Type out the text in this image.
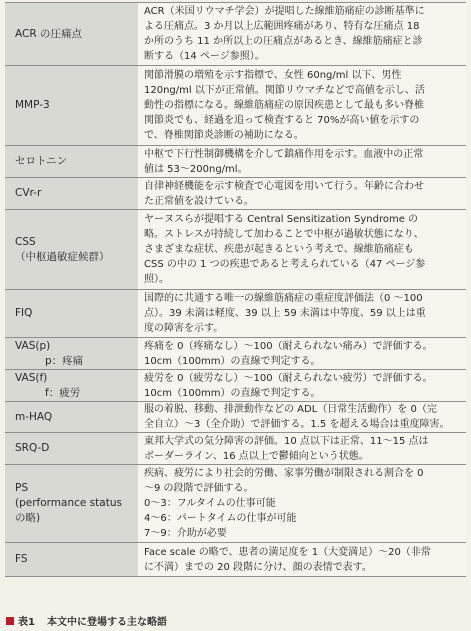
ACR の圧痛点	ACR（米国リウマチ学会）が提唱した線維筋痛症の診断基準に
よる圧痛点。3 か月以上広範囲疼痛があり、特有な圧痛点 18
か所のうち 11 か所以上の圧痛点があるとき、線維筋痛症と診
断する（14 ページ参照）。

MMP-3	関節滑膜の増殖を示す指標で、女性 60ng/ml 以下、男性
120ng/ml 以下が正常値。関節リウマチなどで高値を示し、活
動性の指標になる。線維筋痛症の原因疾患として最も多い脊椎
関節炎でも、経過を追って検査すると 70%が高い値を示すの
で、脊椎関節炎診断の補助になる。

セロトニン	中枢で下行性制御機構を介して鎮痛作用を示す。血液中の正常
値は 53〜200ng/ml。

CVr-r	自律神経機能を示す検査で心電図を用いて行う。年齢に合わせ
た正常値を設けている。

CSS
（中枢過敏症候群）	ヤーヌスらが提唱する Central Sensitization Syndrome の
略。ストレスが持続して加わることで中枢が過敏状態になり、
さまざまな症状、疾患が起きるという考えで、線維筋痛症も
CSS の中の 1 つの疾患であると考えられている（47 ページ参
照）。

FIQ	国際的に共通する唯一の線維筋痛症の重症度評価法（0 〜100
点）。39 未満は軽度、39 以上 59 未満は中等度、59 以上は重
度の障害を示す。

VAS(p)
p：疼痛	疼痛を 0（疼痛なし）〜100（耐えられない痛み）で評価する。
10cm（100mm）の直線で判定する。

VAS(f)
f：疲労	疲労を 0（疲労なし）〜100（耐えられない疲労）で評価する。
10cm（100mm）の直線で判定する。

m-HAQ	服の着脱、移動、排泄動作などの ADL（日常生活動作）を 0（完
全自立）〜3（全介助）で評価する。1.5 を超える場合は重度障害。

SRQ-D	東邦大学式の気分障害の評価。10 点以下は正常、11〜15 点は
ボーダーライン、16 点以上で鬱傾向という状態。

PS
(performance status
の略)	疾病、疲労により社会的労働、家事労働が制限される割合を 0
〜9 の段階で評価する。
0〜3：フルタイムの仕事可能
4〜6：パートタイムの仕事が可能
7〜9：介助が必要

FS	Face scale の略で、患者の満足度を 1（大変満足）〜20（非常
に不満）までの 20 段階に分け、顔の表情で表す。
表1 本文中に登場する主な略語
